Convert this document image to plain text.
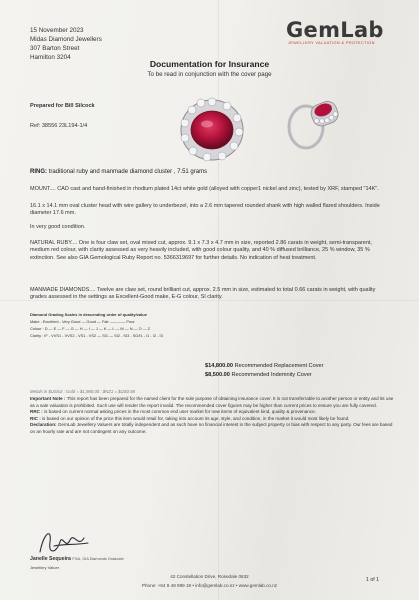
15 November 2023
Midas Diamond Jewellers
307 Barton Street
Hamilton 3204
GemLab
JEWELLERY VALUATION & PROTECTION
Documentation for Insurance
To be read in conjunction with the cover page
Prepared for Bill Silcock
Ref: 38556 23L194-1/4
RING: traditional ruby and manmade diamond cluster , 7.51 grams
MOUNT.... CAD cast and hand-finished in rhodium plated 14ct white gold (alloyed with copper1 nickel and zinc), tested by XRF, stamped "14K".
16.1 x 14.1 mm oval cluster head with wire gallery to underbezel, into a 2.6 mm tapered rounded shank with high walled flared shoulders. Inside diameter 17.6 mm.
In very good condition.
NATURAL RUBY.... One is four claw set, oval mixed cut, approx. 9.1 x 7.3 x 4.7 mm in size, reported 2.86 carats in weight, semi-transparent, medium red colour, with clarity assessed as very heavily included, with good colour quality, and 40 % diffused brilliance, 25 % window, 35 % extinction. See also GIA Gemological Ruby Report no. 5366319697 for further details. No indication of heat treatment.
MANMADE DIAMONDS.... Twelve are claw set, round brilliant cut, approx. 2.5 mm in size, estimated to total 0.66 carats in weight, with quality grades assessed in the settings as Excellent-Good make, E-G colour, SI clarity.
Diamond Grading Scales in descending order of quality/value
Make : Excellent - Very Good — Good — Fair ———— Poor
Colour : D — E — F — G — H — I — J — K — L — M — N — O — Z
Clarity : IF - VVS1 - VVS2 - VS1 - VS2 — SI1 — SI2 - SI3 - SO/I1 - I1 - I2 - I3
$14,800.00 Recommended Replacement Cover
$8,500.00 Recommended Indemnity Cover
Metals in $US/oz : Gold = $1,980.00 : $NZ1 = $US0.58

Important Note : This report has been prepared for the named client for the sole purpose of obtaining insurance cover. It is not transferrable to another person or entity and its use as a sale valuation is prohibited. Such use will render the report invalid. The recommended cover figures may be higher than current prices to ensure you are fully covered.

RRC : is based on current normal asking prices in the most common end user market for new items of equivalent kind, quality & provenance.

RIC : is based on our opinion of the price this item would retail for, taking into account its age, style, and condition, in the market it would most likely be found.

Declaration: GemLab Jewellery Valuers are totally independent and as such have no financial interest in the subject property or bias with respect to any party. Our fees are based on an hourly rate and are not contingent on any outcome.

Janelle Sequeira FGA, GIA Diamonds Graduate
Jewellery Valuer
42 Constellation Drive, Rosedale 0632
Phone: +64 9 48 999 19 • info@gemlab.co.nz • www.gemlab.co.nz
1 of 1
